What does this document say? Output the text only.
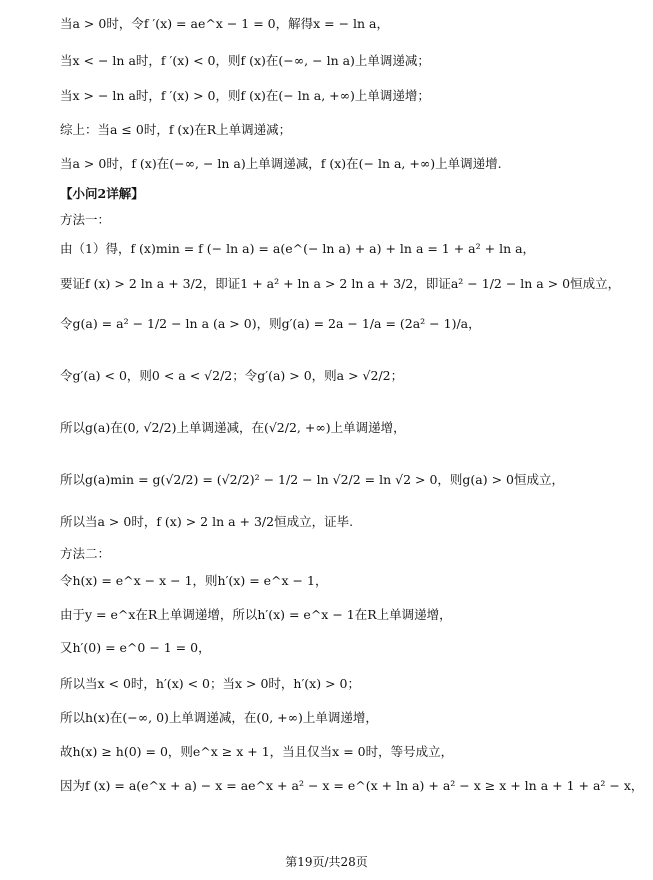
当a > 0时，令f ′(x) = ae^x − 1 = 0，解得x = − ln a，
当x < − ln a时，f ′(x) < 0，则f (x)在(−∞, − ln a)上单调递减；
当x > − ln a时，f ′(x) > 0，则f (x)在(− ln a, +∞)上单调递增；
综上：当a ≤ 0时，f (x)在R上单调递减；
当a > 0时，f (x)在(−∞, − ln a)上单调递减，f (x)在(− ln a, +∞)上单调递增.
【小问2详解】
方法一：
由（1）得，f (x)min = f (− ln a) = a(e^(− ln a) + a) + ln a = 1 + a² + ln a，
要证f (x) > 2 ln a + 3/2，即证1 + a² + ln a > 2 ln a + 3/2，即证a² − 1/2 − ln a > 0恒成立，
令g(a) = a² − 1/2 − ln a (a > 0)，则g′(a) = 2a − 1/a = (2a² − 1)/a，
令g′(a) < 0，则0 < a < √2/2；令g′(a) > 0，则a > √2/2；
所以g(a)在(0, √2/2)上单调递减，在(√2/2, +∞)上单调递增，
所以g(a)min = g(√2/2) = (√2/2)² − 1/2 − ln √2/2 = ln √2 > 0，则g(a) > 0恒成立，
所以当a > 0时，f (x) > 2 ln a + 3/2恒成立，证毕.
方法二：
令h(x) = e^x − x − 1，则h′(x) = e^x − 1，
由于y = e^x在R上单调递增，所以h′(x) = e^x − 1在R上单调递增，
又h′(0) = e^0 − 1 = 0，
所以当x < 0时，h′(x) < 0；当x > 0时，h′(x) > 0；
所以h(x)在(−∞, 0)上单调递减，在(0, +∞)上单调递增，
故h(x) ≥ h(0) = 0，则e^x ≥ x + 1，当且仅当x = 0时，等号成立，
因为f (x) = a(e^x + a) − x = ae^x + a² − x = e^(x + ln a) + a² − x ≥ x + ln a + 1 + a² − x，
第19页/共28页
